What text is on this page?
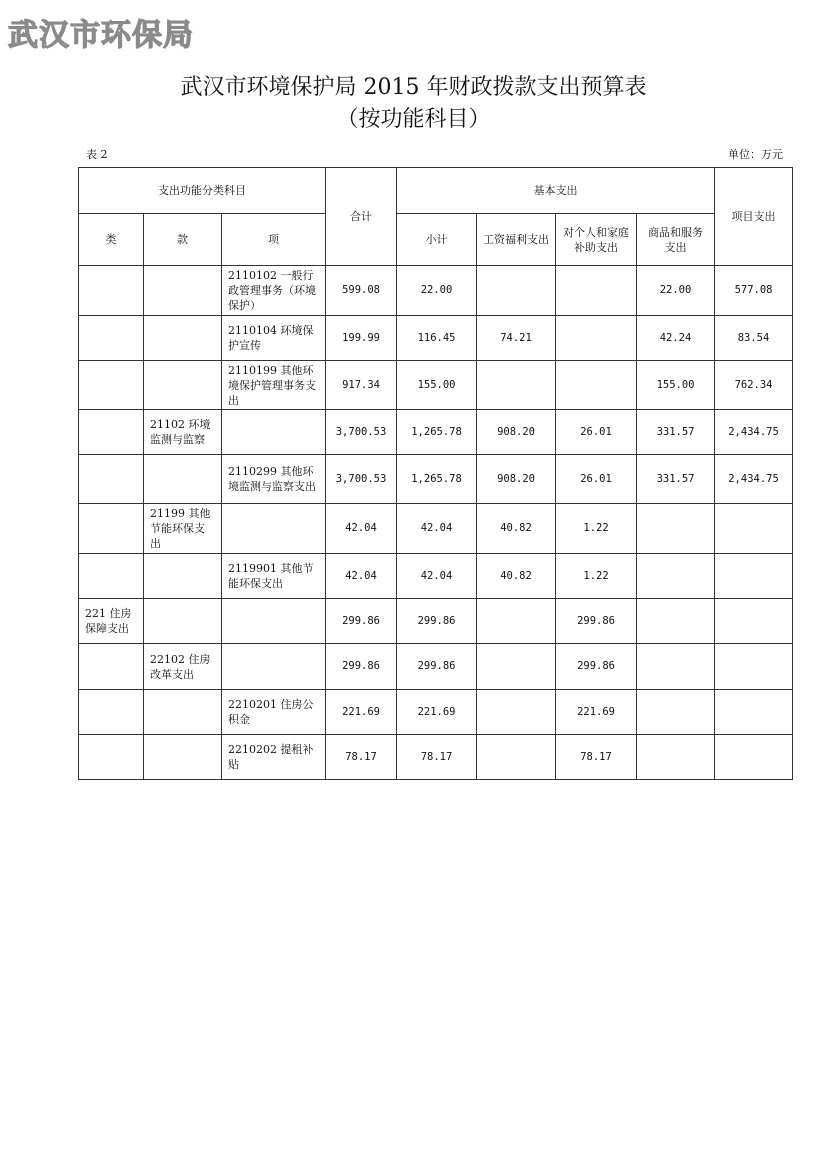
武汉市环保局
武汉市环境保护局 2015 年财政拨款支出预算表
（按功能科目）
表 2	单位：万元
支出功能分类科目			合计	基本支出				项目支出
类	款	项		小计	工资福利支出	对个人和家庭补助支出	商品和服务支出	
		2110102 一般行政管理事务（环境保护）	599.08	22.00			22.00	577.08
		2110104 环境保护宣传	199.99	116.45	74.21		42.24	83.54
		2110199 其他环境保护管理事务支出	917.34	155.00			155.00	762.34
	21102 环境监测与监察		3,700.53	1,265.78	908.20	26.01	331.57	2,434.75
		2110299 其他环境监测与监察支出	3,700.53	1,265.78	908.20	26.01	331.57	2,434.75
	21199 其他节能环保支出		42.04	42.04	40.82	1.22		
		2119901 其他节能环保支出	42.04	42.04	40.82	1.22		
221 住房保障支出			299.86	299.86		299.86		
	22102 住房改革支出		299.86	299.86		299.86		
		2210201 住房公积金	221.69	221.69		221.69		
		2210202 提租补贴	78.17	78.17		78.17		
